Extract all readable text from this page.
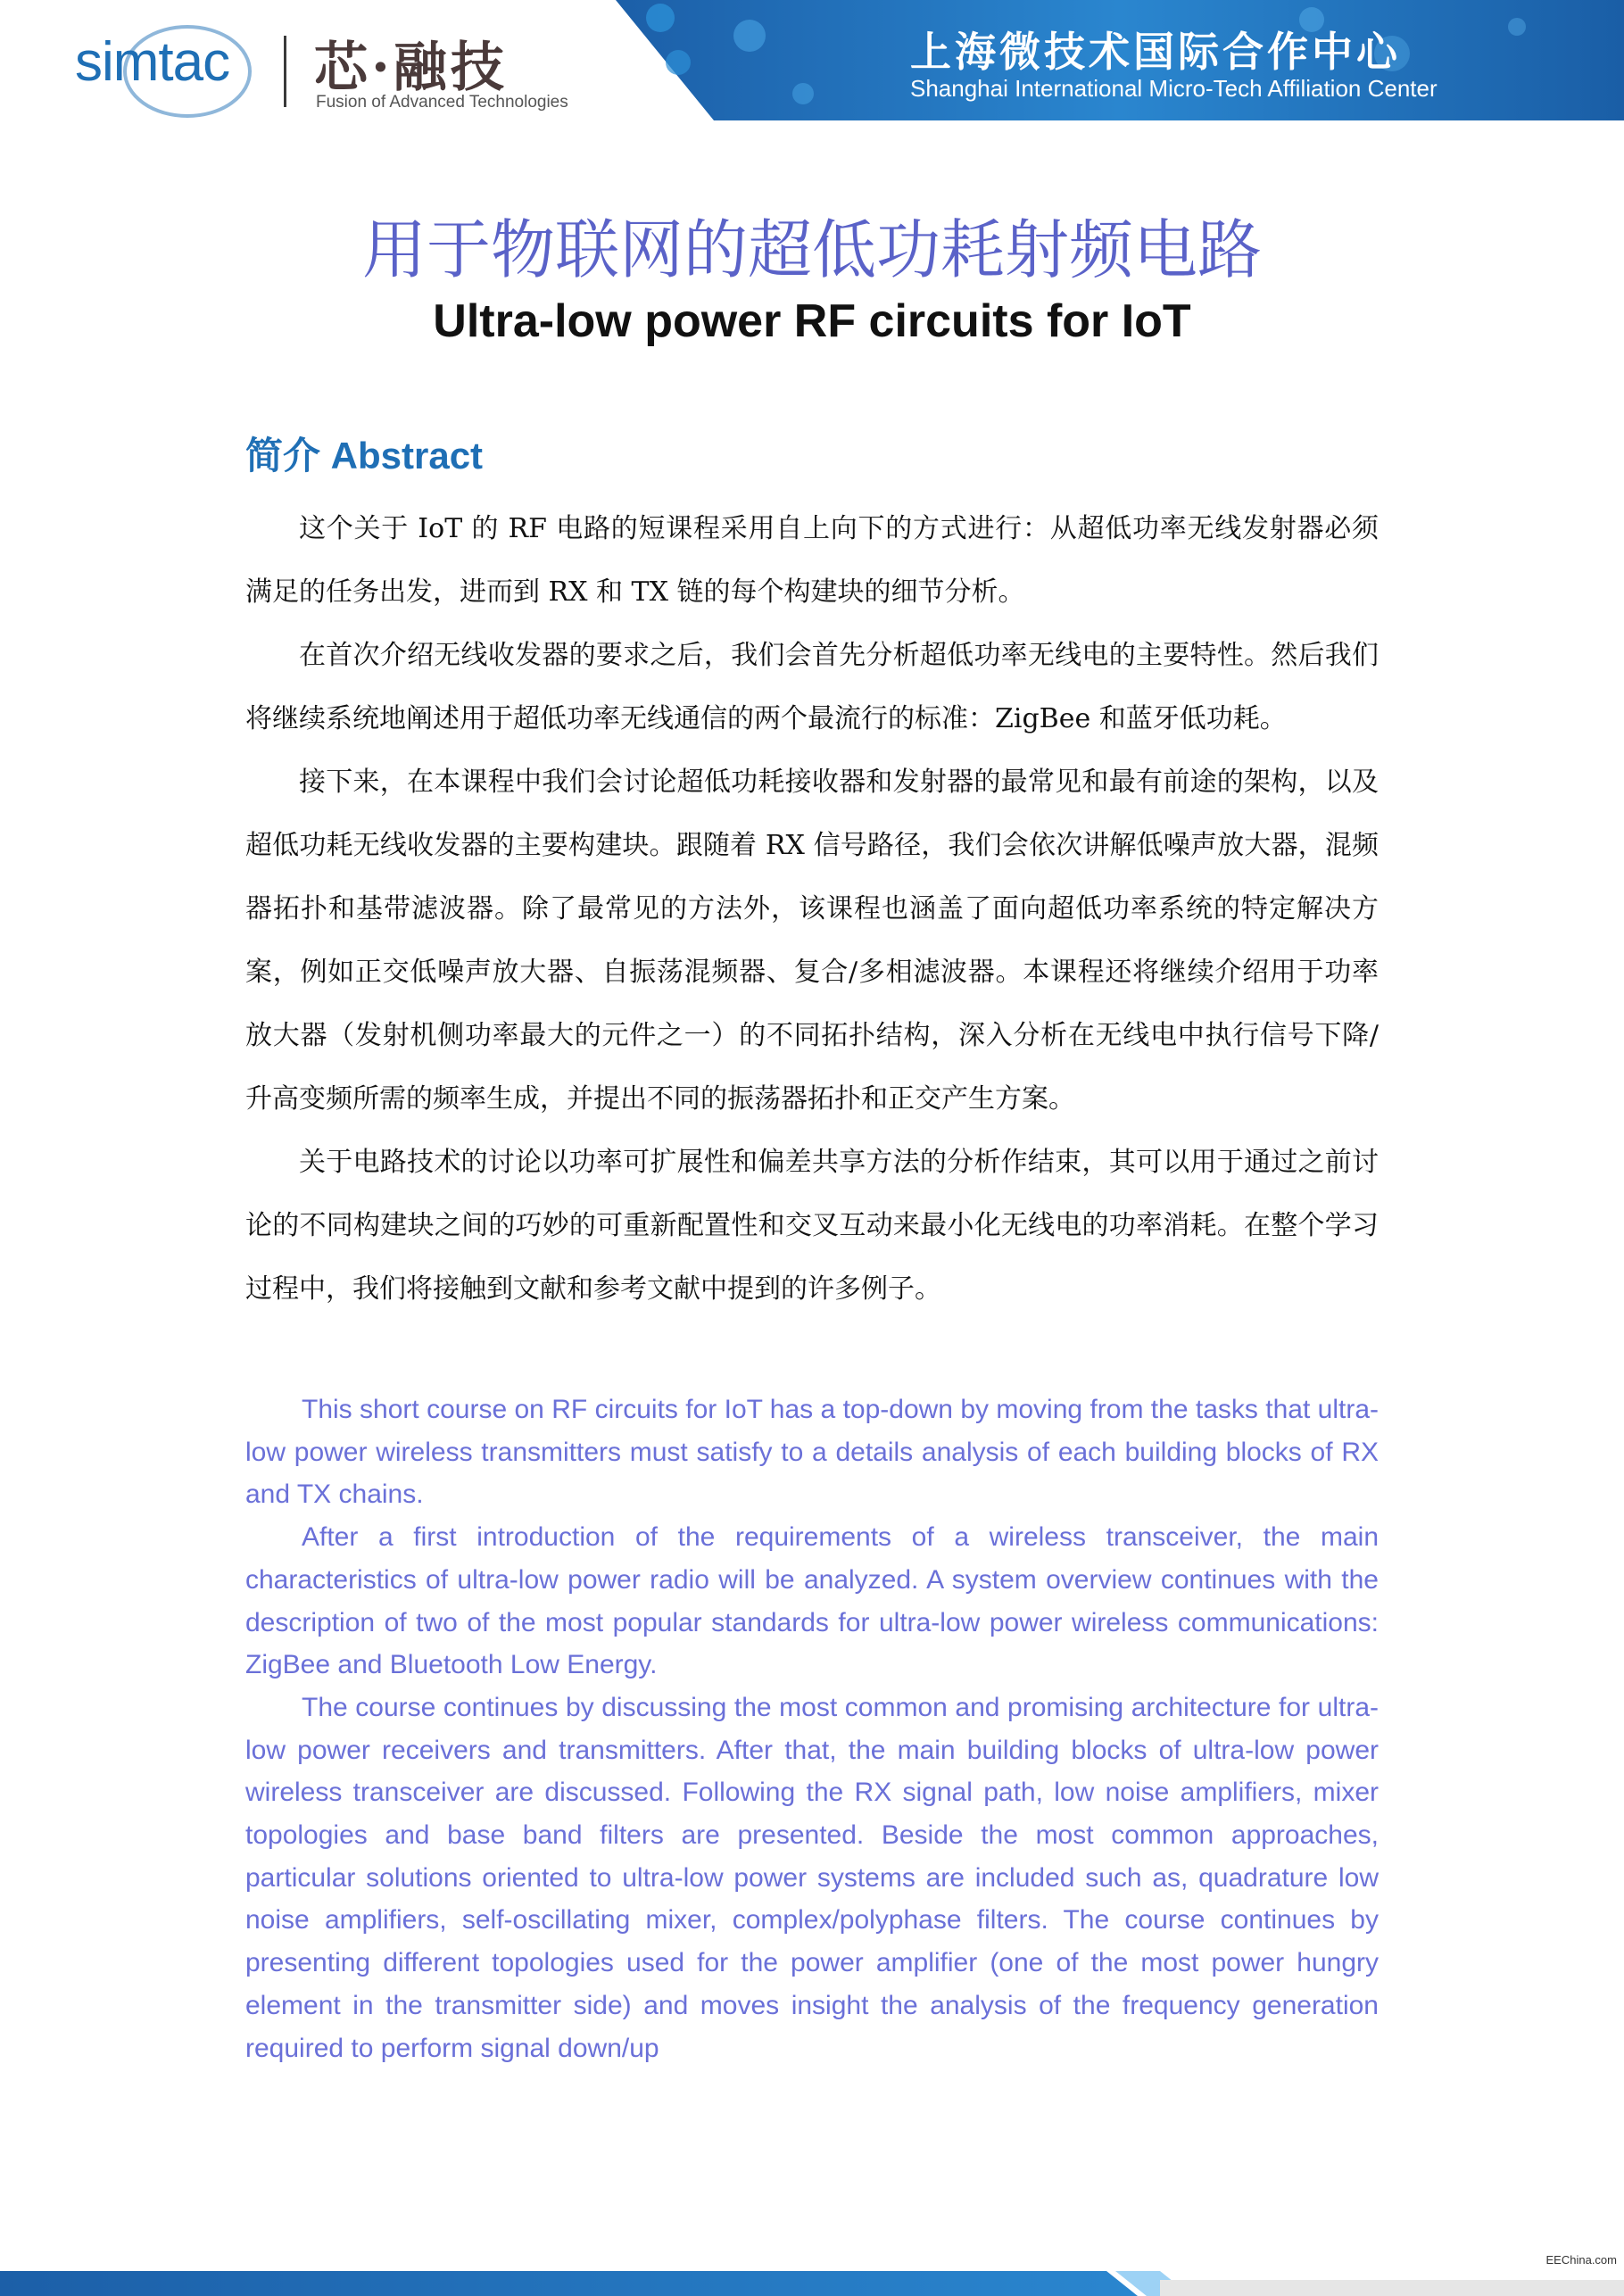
simtac 芯·融技
Fusion of Advanced Technologies
上海微技术国际合作中心
Shanghai International Micro-Tech Affiliation Center
用于物联网的超低功耗射频电路
Ultra-low power RF circuits for IoT
简介 Abstract

这个关于 IoT 的 RF 电路的短课程采用自上向下的方式进行：从超低功率无线发射器必须满足的任务出发，进而到 RX 和 TX 链的每个构建块的细节分析。

在首次介绍无线收发器的要求之后，我们会首先分析超低功率无线电的主要特性。然后我们将继续系统地阐述用于超低功率无线通信的两个最流行的标准：ZigBee 和蓝牙低功耗。

接下来，在本课程中我们会讨论超低功耗接收器和发射器的最常见和最有前途的架构，以及超低功耗无线收发器的主要构建块。跟随着 RX 信号路径，我们会依次讲解低噪声放大器，混频器拓扑和基带滤波器。除了最常见的方法外，该课程也涵盖了面向超低功率系统的特定解决方案，例如正交低噪声放大器、自振荡混频器、复合/多相滤波器。本课程还将继续介绍用于功率放大器（发射机侧功率最大的元件之一）的不同拓扑结构，深入分析在无线电中执行信号下降/升高变频所需的频率生成，并提出不同的振荡器拓扑和正交产生方案。

关于电路技术的讨论以功率可扩展性和偏差共享方法的分析作结束，其可以用于通过之前讨论的不同构建块之间的巧妙的可重新配置性和交叉互动来最小化无线电的功率消耗。在整个学习过程中，我们将接触到文献和参考文献中提到的许多例子。

This short course on RF circuits for IoT has a top-down by moving from the tasks that ultra-low power wireless transmitters must satisfy to a details analysis of each building blocks of RX and TX chains.

After a first introduction of the requirements of a wireless transceiver, the main characteristics of ultra-low power radio will be analyzed. A system overview continues with the description of two of the most popular standards for ultra-low power wireless communications: ZigBee and Bluetooth Low Energy.

The course continues by discussing the most common and promising architecture for ultra-low power receivers and transmitters. After that, the main building blocks of ultra-low power wireless transceiver are discussed. Following the RX signal path, low noise amplifiers, mixer topologies and base band filters are presented. Beside the most common approaches, particular solutions oriented to ultra-low power systems are included such as, quadrature low noise amplifiers, self-oscillating mixer, complex/polyphase filters. The course continues by presenting different topologies used for the power amplifier (one of the most power hungry element in the transmitter side) and moves insight the analysis of the frequency generation required to perform signal down/up

EEChina.com
